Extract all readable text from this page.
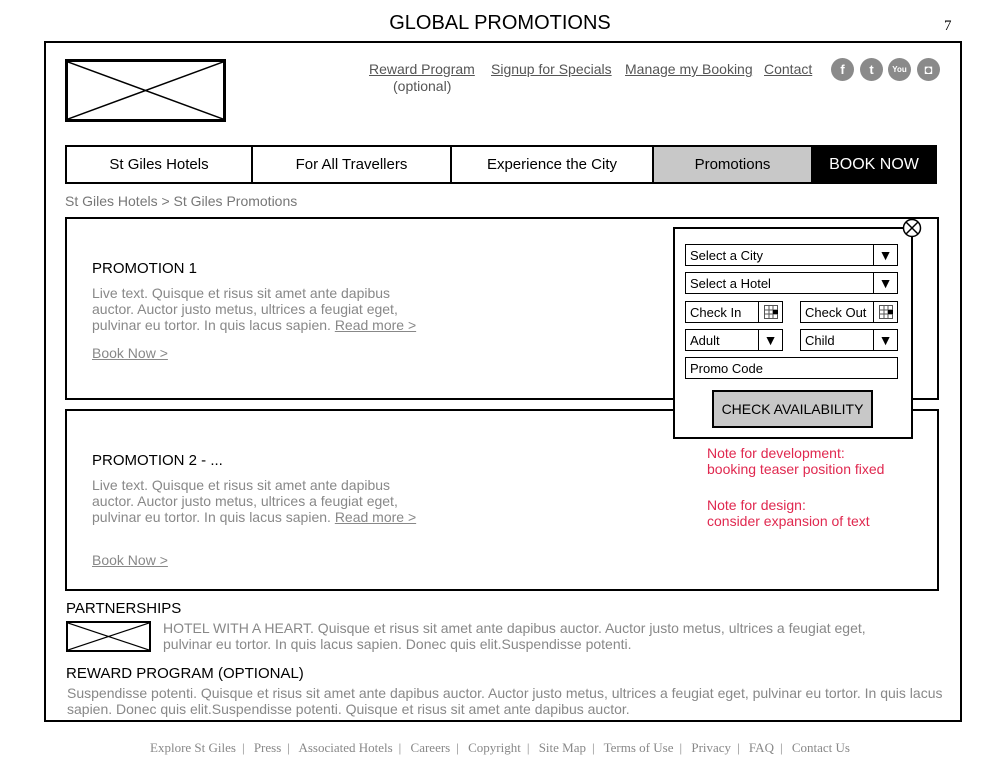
GLOBAL PROMOTIONS	7
Reward Program
(optional)
Signup for Specials Manage my Booking Contact	f	t	You	◘
St Giles Hotels	For All Travellers	Experience the City	Promotions	BOOK NOW
St Giles Hotels > St Giles Promotions
PROMOTION 1
Live text. Quisque et risus sit amet ante dapibus auctor. Auctor justo metus, ultrices a feugiat eget, pulvinar eu tortor. In quis lacus sapien. Read more >
Book Now >
PROMOTION 2 - ...
Live text. Quisque et risus sit amet ante dapibus auctor. Auctor justo metus, ultrices a feugiat eget, pulvinar eu tortor. In quis lacus sapien. Read more >
Book Now >
Select a City	▼
Select a Hotel	▼
Check In	Check Out
Adult	▼	Child	▼
Promo Code
CHECK AVAILABILITY
Note for development:
booking teaser position fixed
Note for design:
consider expansion of text
PARTNERSHIPS
HOTEL WITH A HEART. Quisque et risus sit amet ante dapibus auctor. Auctor justo metus, ultrices a feugiat eget, pulvinar eu tortor. In quis lacus sapien. Donec quis elit.Suspendisse potenti.
REWARD PROGRAM (OPTIONAL)
Suspendisse potenti. Quisque et risus sit amet ante dapibus auctor. Auctor justo metus, ultrices a feugiat eget, pulvinar eu tortor. In quis lacus sapien. Donec quis elit.Suspendisse potenti. Quisque et risus sit amet ante dapibus auctor.
Explore St Giles | Press | Associated Hotels | Careers | Copyright | Site Map | Terms of Use | Privacy | FAQ | Contact Us
